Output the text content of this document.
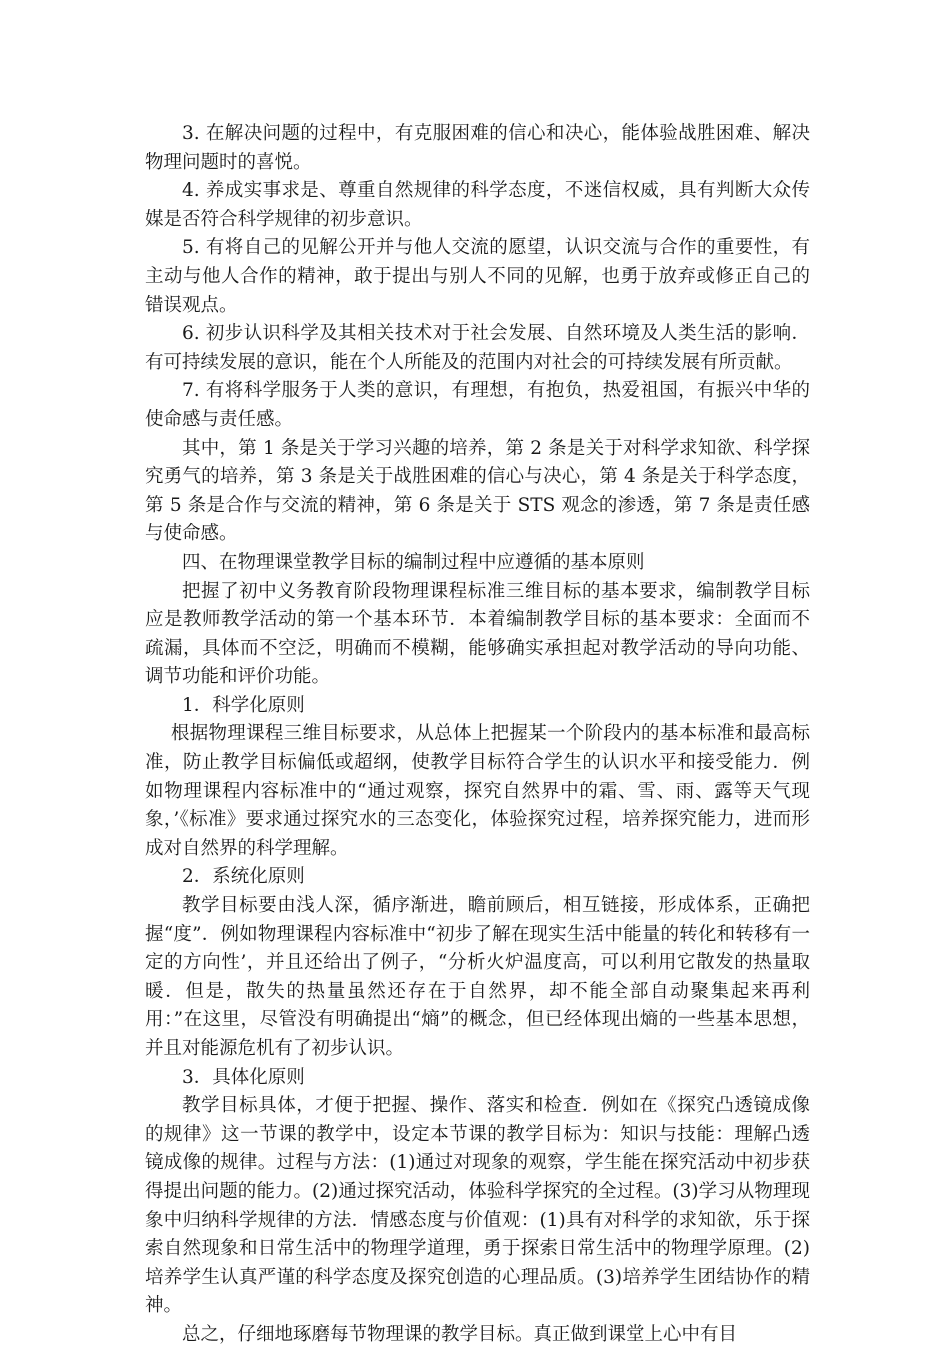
3. 在解决问题的过程中，有克服困难的信心和决心，能体验战胜困难、解决物理问题时的喜悦。

4. 养成实事求是、尊重自然规律的科学态度，不迷信权威，具有判断大众传媒是否符合科学规律的初步意识。

5. 有将自己的见解公开并与他人交流的愿望，认识交流与合作的重要性，有主动与他人合作的精神，敢于提出与别人不同的见解，也勇于放弃或修正自己的错误观点。

6. 初步认识科学及其相关技术对于社会发展、自然环境及人类生活的影响．有可持续发展的意识，能在个人所能及的范围内对社会的可持续发展有所贡献。

7. 有将科学服务于人类的意识，有理想，有抱负，热爱祖国，有振兴中华的使命感与责任感。

其中，第 1 条是关于学习兴趣的培养，第 2 条是关于对科学求知欲、科学探究勇气的培养，第 3 条是关于战胜困难的信心与决心，第 4 条是关于科学态度，第 5 条是合作与交流的精神，第 6 条是关于 STS 观念的渗透，第 7 条是责任感与使命感。

四、在物理课堂教学目标的编制过程中应遵循的基本原则

把握了初中义务教育阶段物理课程标准三维目标的基本要求，编制教学目标应是教师教学活动的第一个基本环节．本着编制教学目标的基本要求：全面而不疏漏，具体而不空泛，明确而不模糊，能够确实承担起对教学活动的导向功能、调节功能和评价功能。

1．科学化原则

根据物理课程三维目标要求，从总体上把握某一个阶段内的基本标准和最高标准，防止教学目标偏低或超纲，使教学目标符合学生的认识水平和接受能力．例如物理课程内容标准中的“通过观察，探究自然界中的霜、雪、雨、露等天气现象，’《标准》要求通过探究水的三态变化，体验探究过程，培养探究能力，进而形成对自然界的科学理解。

2．系统化原则

教学目标要由浅人深，循序渐进，瞻前顾后，相互链接，形成体系，正确把握“度”．例如物理课程内容标准中“初步了解在现实生活中能量的转化和转移有一定的方向性’，并且还给出了例子，“分析火炉温度高，可以利用它散发的热量取暖．但是，散失的热量虽然还存在于自然界，却不能全部自动聚集起来再利用：”在这里，尽管没有明确提出“熵”的概念，但已经体现出熵的一些基本思想，并且对能源危机有了初步认识。

3．具体化原则

教学目标具体，才便于把握、操作、落实和检查．例如在《探究凸透镜成像的规律》这一节课的教学中，设定本节课的教学目标为：知识与技能：理解凸透镜成像的规律。过程与方法：(1)通过对现象的观察，学生能在探究活动中初步获得提出问题的能力。(2)通过探究活动，体验科学探究的全过程。(3)学习从物理现象中归纳科学规律的方法．情感态度与价值观：(1)具有对科学的求知欲，乐于探索自然现象和日常生活中的物理学道理，勇于探索日常生活中的物理学原理。(2)培养学生认真严谨的科学态度及探究创造的心理品质。(3)培养学生团结协作的精神。

总之，仔细地琢磨每节物理课的教学目标。真正做到课堂上心中有目
